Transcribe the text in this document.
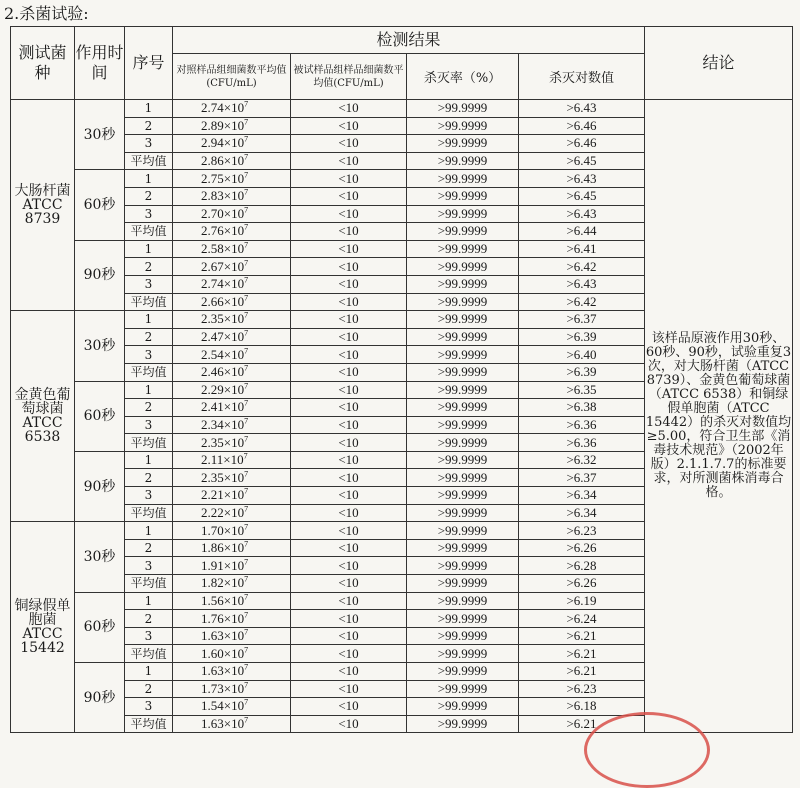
2.杀菌试验:
测试菌种	作用时间	序号	检测结果				结论
			对照样品组细菌数平均值(CFU/mL)	被试样品组样品细菌数平均值(CFU/mL)	杀灭率（%）	杀灭对数值	
大肠杆菌ATCC 8739	30秒	1	$2.74\times 10^7$	<10	>99.9999	>6.43	该样品原液作用30秒、60秒、90秒，试验重复3次，对大肠杆菌（ATCC 8739）、金黄色葡萄球菌（ATCC 6538）和铜绿假单胞菌（ATCC 15442）的杀灭对数值均≥5.00，符合卫生部《消毒技术规范》（2002年版）2.1.1.7.7的标准要求，对所测菌株消毒合格。
		2	$2.89\times 10^7$	<10	>99.9999	>6.46	
		3	$2.94\times 10^7$	<10	>99.9999	>6.46	
		平均值	$2.86\times 10^7$	<10	>99.9999	>6.45	
	60秒	1	$2.75\times 10^7$	<10	>99.9999	>6.43	
		2	$2.83\times 10^7$	<10	>99.9999	>6.45	
		3	$2.70\times 10^7$	<10	>99.9999	>6.43	
		平均值	$2.76\times 10^7$	<10	>99.9999	>6.44	
	90秒	1	$2.58\times 10^7$	<10	>99.9999	>6.41	
		2	$2.67\times 10^7$	<10	>99.9999	>6.42	
		3	$2.74\times 10^7$	<10	>99.9999	>6.43	
		平均值	$2.66\times 10^7$	<10	>99.9999	>6.42	
金黄色葡萄球菌ATCC 6538	30秒	1	$2.35\times 10^7$	<10	>99.9999	>6.37	
		2	$2.47\times 10^7$	<10	>99.9999	>6.39	
		3	$2.54\times 10^7$	<10	>99.9999	>6.40	
		平均值	$2.46\times 10^7$	<10	>99.9999	>6.39	
	60秒	1	$2.29\times 10^7$	<10	>99.9999	>6.35	
		2	$2.41\times 10^7$	<10	>99.9999	>6.38	
		3	$2.34\times 10^7$	<10	>99.9999	>6.36	
		平均值	$2.35\times 10^7$	<10	>99.9999	>6.36	
	90秒	1	$2.11\times 10^7$	<10	>99.9999	>6.32	
		2	$2.35\times 10^7$	<10	>99.9999	>6.37	
		3	$2.21\times 10^7$	<10	>99.9999	>6.34	
		平均值	$2.22\times 10^7$	<10	>99.9999	>6.34	
铜绿假单胞菌ATCC 15442	30秒	1	$1.70\times 10^7$	<10	>99.9999	>6.23	
		2	$1.86\times 10^7$	<10	>99.9999	>6.26	
		3	$1.91\times 10^7$	<10	>99.9999	>6.28	
		平均值	$1.82\times 10^7$	<10	>99.9999	>6.26	
	60秒	1	$1.56\times 10^7$	<10	>99.9999	>6.19	
		2	$1.76\times 10^7$	<10	>99.9999	>6.24	
		3	$1.63\times 10^7$	<10	>99.9999	>6.21	
		平均值	$1.60\times 10^7$	<10	>99.9999	>6.21	
	90秒	1	$1.63\times 10^7$	<10	>99.9999	>6.21	
		2	$1.73\times 10^7$	<10	>99.9999	>6.23	
		3	$1.54\times 10^7$	<10	>99.9999	>6.18	
		平均值	$1.63\times 10^7$	<10	>99.9999	>6.21	
